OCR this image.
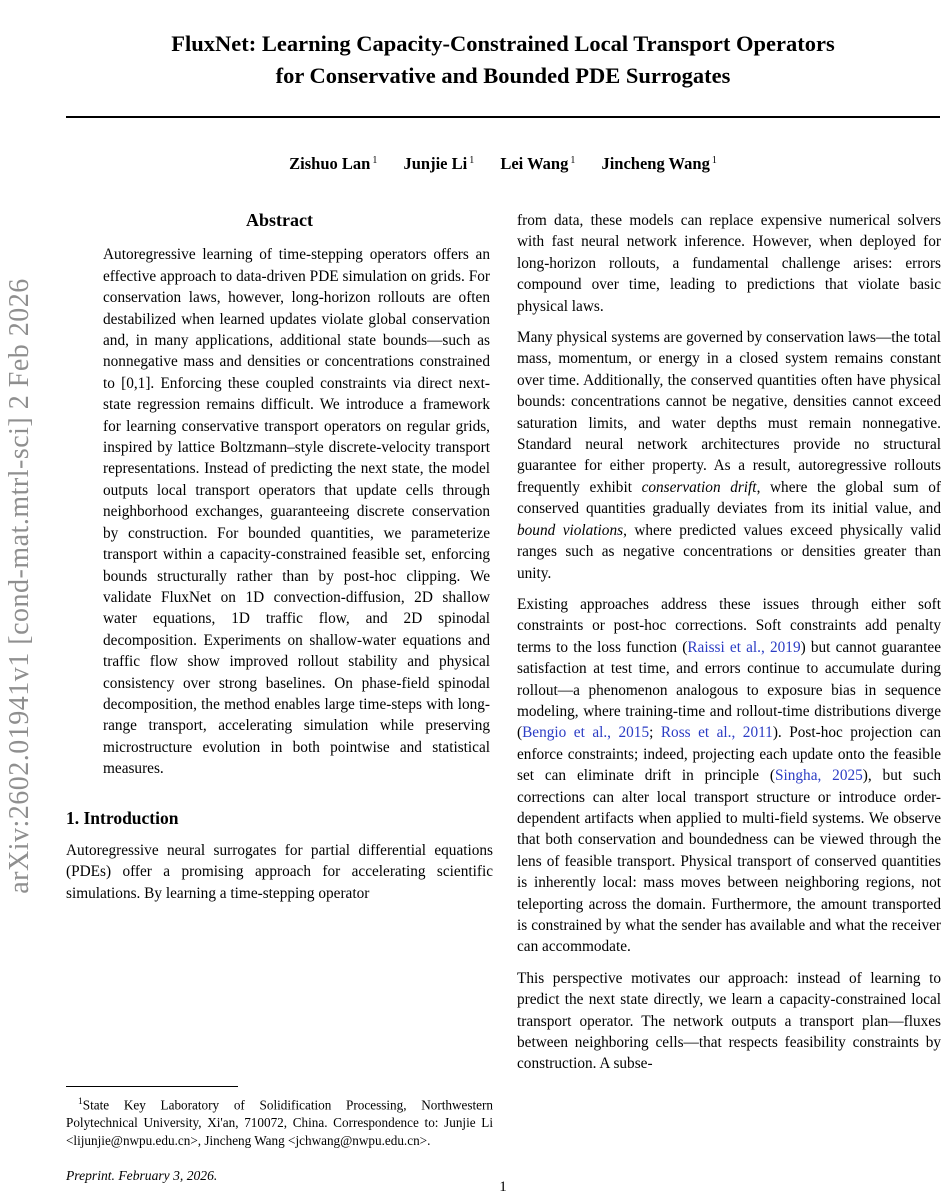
arXiv:2602.01941v1 [cond-mat.mtrl-sci] 2 Feb 2026
FluxNet: Learning Capacity-Constrained Local Transport Operators
for Conservative and Bounded PDE Surrogates
Zishuo Lan $^1$ Junjie Li $^1$ Lei Wang $^1$ Jincheng Wang $^1$
Abstract

Autoregressive learning of time-stepping operators offers an effective approach to data-driven PDE simulation on grids. For conservation laws, however, long-horizon rollouts are often destabilized when learned updates violate global conservation and, in many applications, additional state bounds—such as nonnegative mass and densities or concentrations constrained to [0,1]. Enforcing these coupled constraints via direct next-state regression remains difficult. We introduce a framework for learning conservative transport operators on regular grids, inspired by lattice Boltzmann–style discrete-velocity transport representations. Instead of predicting the next state, the model outputs local transport operators that update cells through neighborhood exchanges, guaranteeing discrete conservation by construction. For bounded quantities, we parameterize transport within a capacity-constrained feasible set, enforcing bounds structurally rather than by post-hoc clipping. We validate FluxNet on 1D convection-diffusion, 2D shallow water equations, 1D traffic flow, and 2D spinodal decomposition. Experiments on shallow-water equations and traffic flow show improved rollout stability and physical consistency over strong baselines. On phase-field spinodal decomposition, the method enables large time-steps with long-range transport, accelerating simulation while preserving microstructure evolution in both pointwise and statistical measures.

1. Introduction

Autoregressive neural surrogates for partial differential equations (PDEs) offer a promising approach for accelerating scientific simulations. By learning a time-stepping operator

$^1$State Key Laboratory of Solidification Processing, Northwestern Polytechnical University, Xi'an, 710072, China. Correspondence to: Junjie Li <lijunjie@nwpu.edu.cn>, Jincheng Wang <jchwang@nwpu.edu.cn>.

Preprint. February 3, 2026.

from data, these models can replace expensive numerical solvers with fast neural network inference. However, when deployed for long-horizon rollouts, a fundamental challenge arises: errors compound over time, leading to predictions that violate basic physical laws.

Many physical systems are governed by conservation laws—the total mass, momentum, or energy in a closed system remains constant over time. Additionally, the conserved quantities often have physical bounds: concentrations cannot be negative, densities cannot exceed saturation limits, and water depths must remain nonnegative. Standard neural network architectures provide no structural guarantee for either property. As a result, autoregressive rollouts frequently exhibit conservation drift, where the global sum of conserved quantities gradually deviates from its initial value, and bound violations, where predicted values exceed physically valid ranges such as negative concentrations or densities greater than unity.

Existing approaches address these issues through either soft constraints or post-hoc corrections. Soft constraints add penalty terms to the loss function (Raissi et al., 2019) but cannot guarantee satisfaction at test time, and errors continue to accumulate during rollout—a phenomenon analogous to exposure bias in sequence modeling, where training-time and rollout-time distributions diverge (Bengio et al., 2015; Ross et al., 2011). Post-hoc projection can enforce constraints; indeed, projecting each update onto the feasible set can eliminate drift in principle (Singha, 2025), but such corrections can alter local transport structure or introduce order-dependent artifacts when applied to multi-field systems. We observe that both conservation and boundedness can be viewed through the lens of feasible transport. Physical transport of conserved quantities is inherently local: mass moves between neighboring regions, not teleporting across the domain. Furthermore, the amount transported is constrained by what the sender has available and what the receiver can accommodate.

This perspective motivates our approach: instead of learning to predict the next state directly, we learn a capacity-constrained local transport operator. The network outputs a transport plan—fluxes between neighboring cells—that respects feasibility constraints by construction. A subse-

1
